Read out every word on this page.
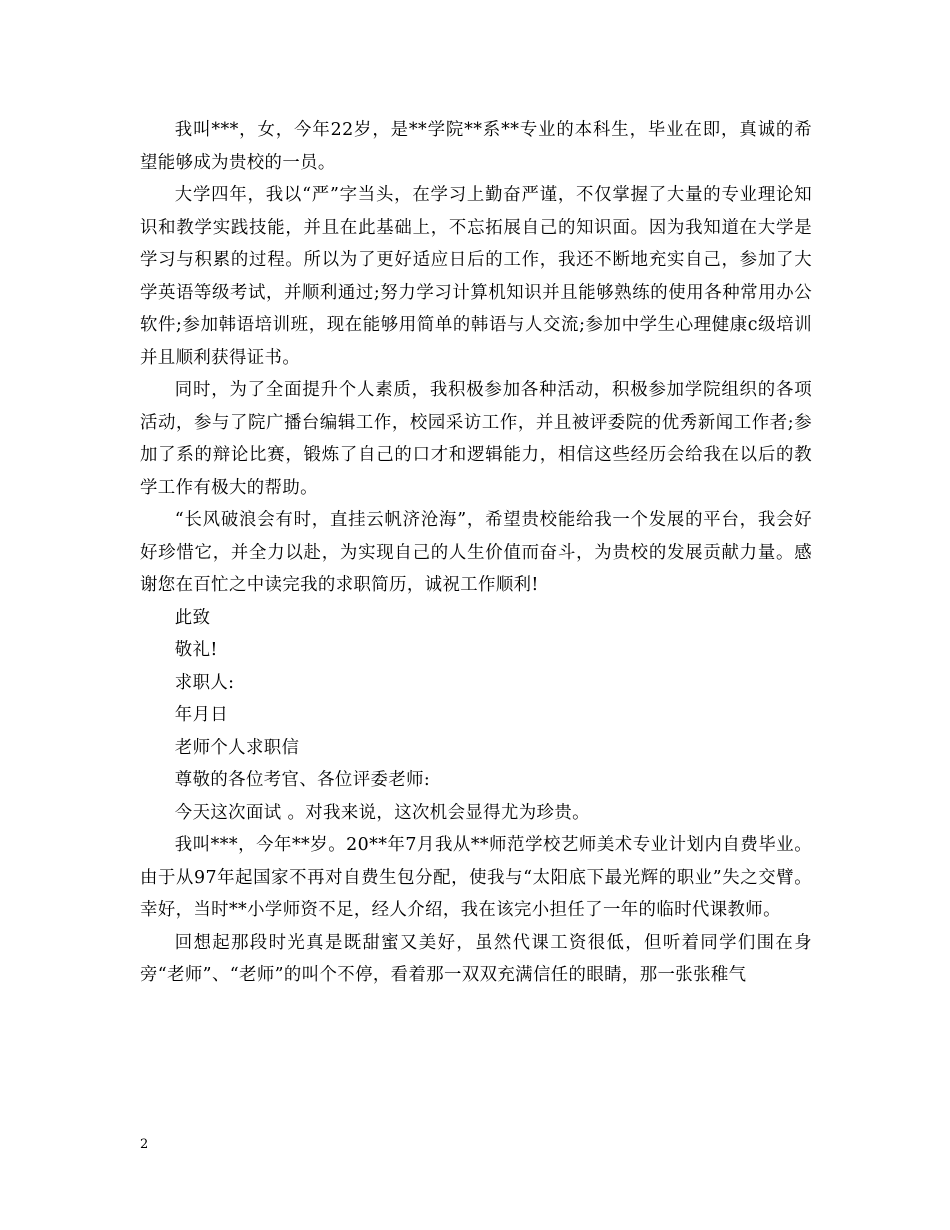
我叫***，女，今年22岁，是**学院**系**专业的本科生，毕业在即，真诚的希望能够成为贵校的一员。

大学四年，我以“严”字当头，在学习上勤奋严谨，不仅掌握了大量的专业理论知识和教学实践技能，并且在此基础上，不忘拓展自己的知识面。因为我知道在大学是学习与积累的过程。所以为了更好适应日后的工作，我还不断地充实自己，参加了大学英语等级考试，并顺利通过;努力学习计算机知识并且能够熟练的使用各种常用办公软件;参加韩语培训班，现在能够用简单的韩语与人交流;参加中学生心理健康c级培训并且顺利获得证书。

同时，为了全面提升个人素质，我积极参加各种活动，积极参加学院组织的各项活动，参与了院广播台编辑工作，校园采访工作，并且被评委院的优秀新闻工作者;参加了系的辩论比赛，锻炼了自己的口才和逻辑能力，相信这些经历会给我在以后的教学工作有极大的帮助。

“长风破浪会有时，直挂云帆济沧海”，希望贵校能给我一个发展的平台，我会好好珍惜它，并全力以赴，为实现自己的人生价值而奋斗，为贵校的发展贡献力量。感谢您在百忙之中读完我的求职简历，诚祝工作顺利!

此致

敬礼!

求职人:

年月日

老师个人求职信

尊敬的各位考官、各位评委老师:

今天这次面试 。对我来说，这次机会显得尤为珍贵。

我叫***，今年**岁。20**年7月我从**师范学校艺师美术专业计划内自费毕业。由于从97年起国家不再对自费生包分配，使我与“太阳底下最光辉的职业”失之交臂。幸好，当时**小学师资不足，经人介绍，我在该完小担任了一年的临时代课教师。

回想起那段时光真是既甜蜜又美好，虽然代课工资很低，但听着同学们围在身旁“老师”、“老师”的叫个不停，看着那一双双充满信任的眼睛，那一张张稚气

2
